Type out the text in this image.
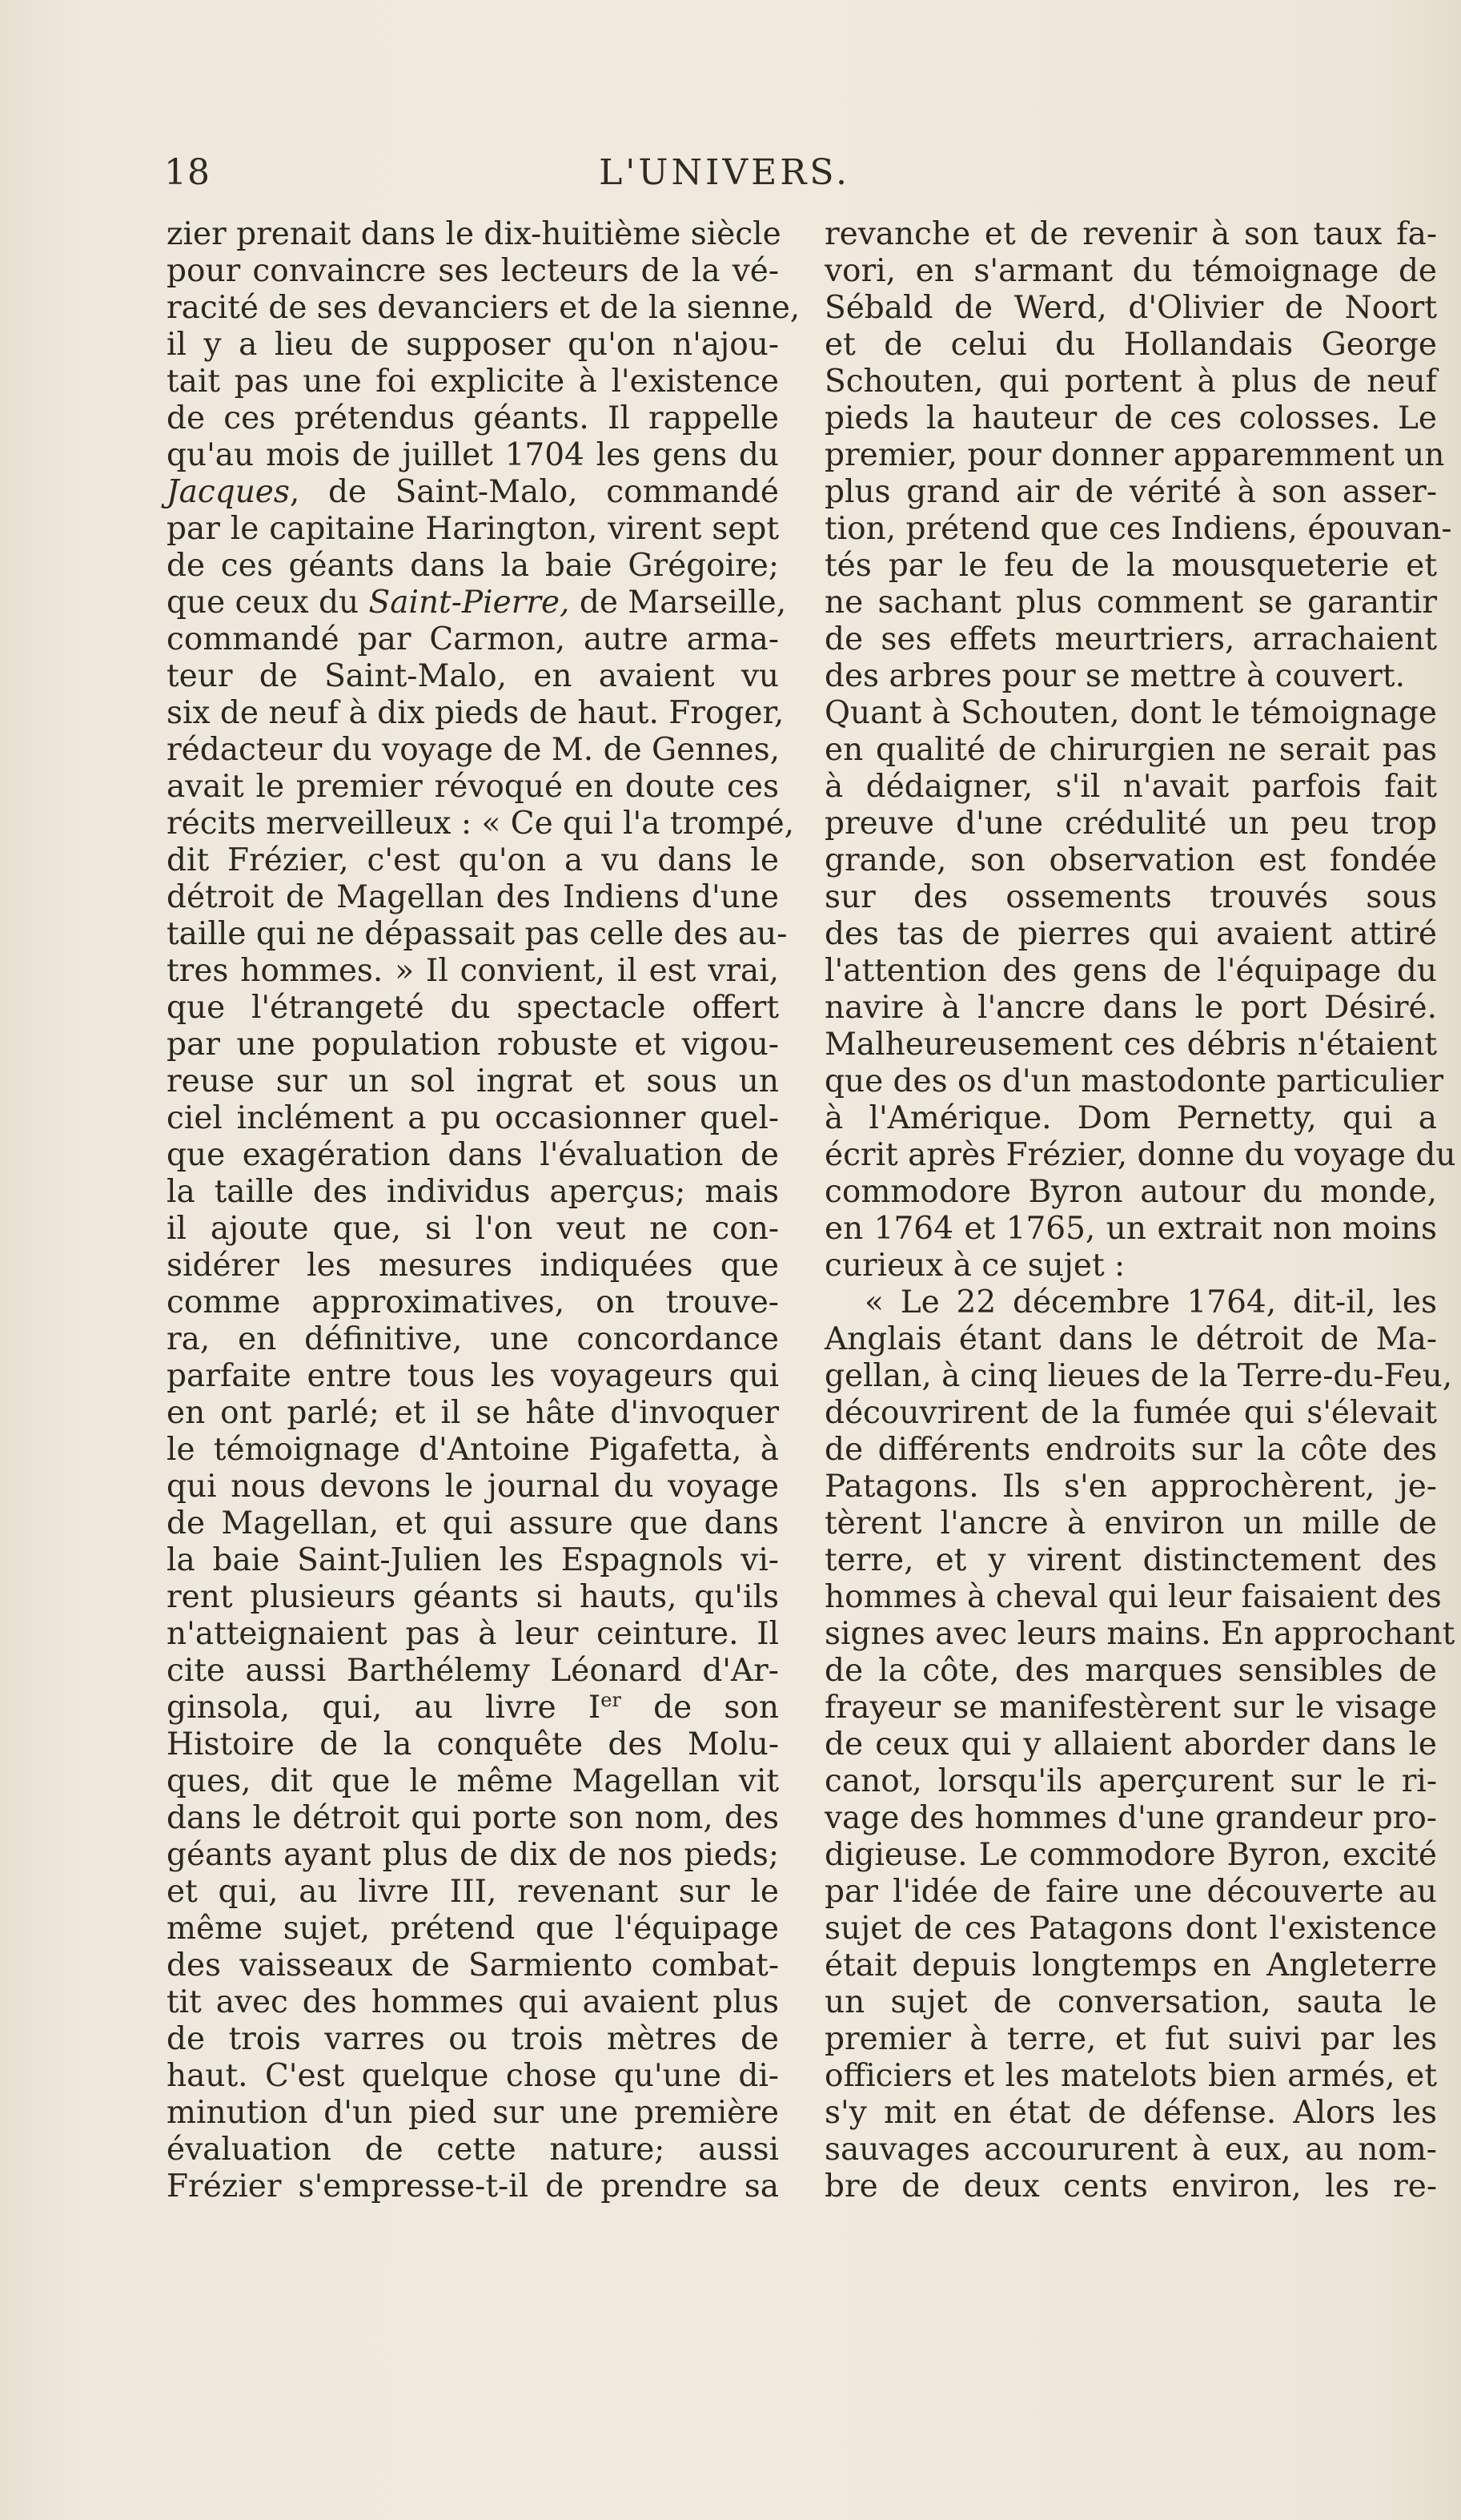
18	L'UNIVERS.
zier prenait dans le dix-huitième siècle
pour convaincre ses lecteurs de la vé-
racité de ses devanciers et de la sienne,
il y a lieu de supposer qu'on n'ajou-
tait pas une foi explicite à l'existence
de ces prétendus géants. Il rappelle
qu'au mois de juillet 1704 les gens du
Jacques, de Saint-Malo, commandé
par le capitaine Harington, virent sept
de ces géants dans la baie Grégoire;
que ceux du Saint-Pierre, de Marseille,
commandé par Carmon, autre arma-
teur de Saint-Malo, en avaient vu
six de neuf à dix pieds de haut. Froger,
rédacteur du voyage de M. de Gennes,
avait le premier révoqué en doute ces
récits merveilleux : « Ce qui l'a trompé,
dit Frézier, c'est qu'on a vu dans le
détroit de Magellan des Indiens d'une
taille qui ne dépassait pas celle des au-
tres hommes. » Il convient, il est vrai,
que l'étrangeté du spectacle offert
par une population robuste et vigou-
reuse sur un sol ingrat et sous un
ciel inclément a pu occasionner quel-
que exagération dans l'évaluation de
la taille des individus aperçus; mais
il ajoute que, si l'on veut ne con-
sidérer les mesures indiquées que
comme approximatives, on trouve-
ra, en définitive, une concordance
parfaite entre tous les voyageurs qui
en ont parlé; et il se hâte d'invoquer
le témoignage d'Antoine Pigafetta, à
qui nous devons le journal du voyage
de Magellan, et qui assure que dans
la baie Saint-Julien les Espagnols vi-
rent plusieurs géants si hauts, qu'ils
n'atteignaient pas à leur ceinture. Il
cite aussi Barthélemy Léonard d'Ar-
ginsola, qui, au livre Ier de son
Histoire de la conquête des Molu-
ques, dit que le même Magellan vit
dans le détroit qui porte son nom, des
géants ayant plus de dix de nos pieds;
et qui, au livre III, revenant sur le
même sujet, prétend que l'équipage
des vaisseaux de Sarmiento combat-
tit avec des hommes qui avaient plus
de trois varres ou trois mètres de
haut. C'est quelque chose qu'une di-
minution d'un pied sur une première
évaluation de cette nature; aussi
Frézier s'empresse-t-il de prendre sa
revanche et de revenir à son taux fa-
vori, en s'armant du témoignage de
Sébald de Werd, d'Olivier de Noort
et de celui du Hollandais George
Schouten, qui portent à plus de neuf
pieds la hauteur de ces colosses. Le
premier, pour donner apparemment un
plus grand air de vérité à son asser-
tion, prétend que ces Indiens, épouvan-
tés par le feu de la mousqueterie et
ne sachant plus comment se garantir
de ses effets meurtriers, arrachaient
des arbres pour se mettre à couvert.
Quant à Schouten, dont le témoignage
en qualité de chirurgien ne serait pas
à dédaigner, s'il n'avait parfois fait
preuve d'une crédulité un peu trop
grande, son observation est fondée
sur des ossements trouvés sous
des tas de pierres qui avaient attiré
l'attention des gens de l'équipage du
navire à l'ancre dans le port Désiré.
Malheureusement ces débris n'étaient
que des os d'un mastodonte particulier
à l'Amérique. Dom Pernetty, qui a
écrit après Frézier, donne du voyage du
commodore Byron autour du monde,
en 1764 et 1765, un extrait non moins
curieux à ce sujet :
« Le 22 décembre 1764, dit-il, les
Anglais étant dans le détroit de Ma-
gellan, à cinq lieues de la Terre-du-Feu,
découvrirent de la fumée qui s'élevait
de différents endroits sur la côte des
Patagons. Ils s'en approchèrent, je-
tèrent l'ancre à environ un mille de
terre, et y virent distinctement des
hommes à cheval qui leur faisaient des
signes avec leurs mains. En approchant
de la côte, des marques sensibles de
frayeur se manifestèrent sur le visage
de ceux qui y allaient aborder dans le
canot, lorsqu'ils aperçurent sur le ri-
vage des hommes d'une grandeur pro-
digieuse. Le commodore Byron, excité
par l'idée de faire une découverte au
sujet de ces Patagons dont l'existence
était depuis longtemps en Angleterre
un sujet de conversation, sauta le
premier à terre, et fut suivi par les
officiers et les matelots bien armés, et
s'y mit en état de défense. Alors les
sauvages accoururent à eux, au nom-
bre de deux cents environ, les re-
